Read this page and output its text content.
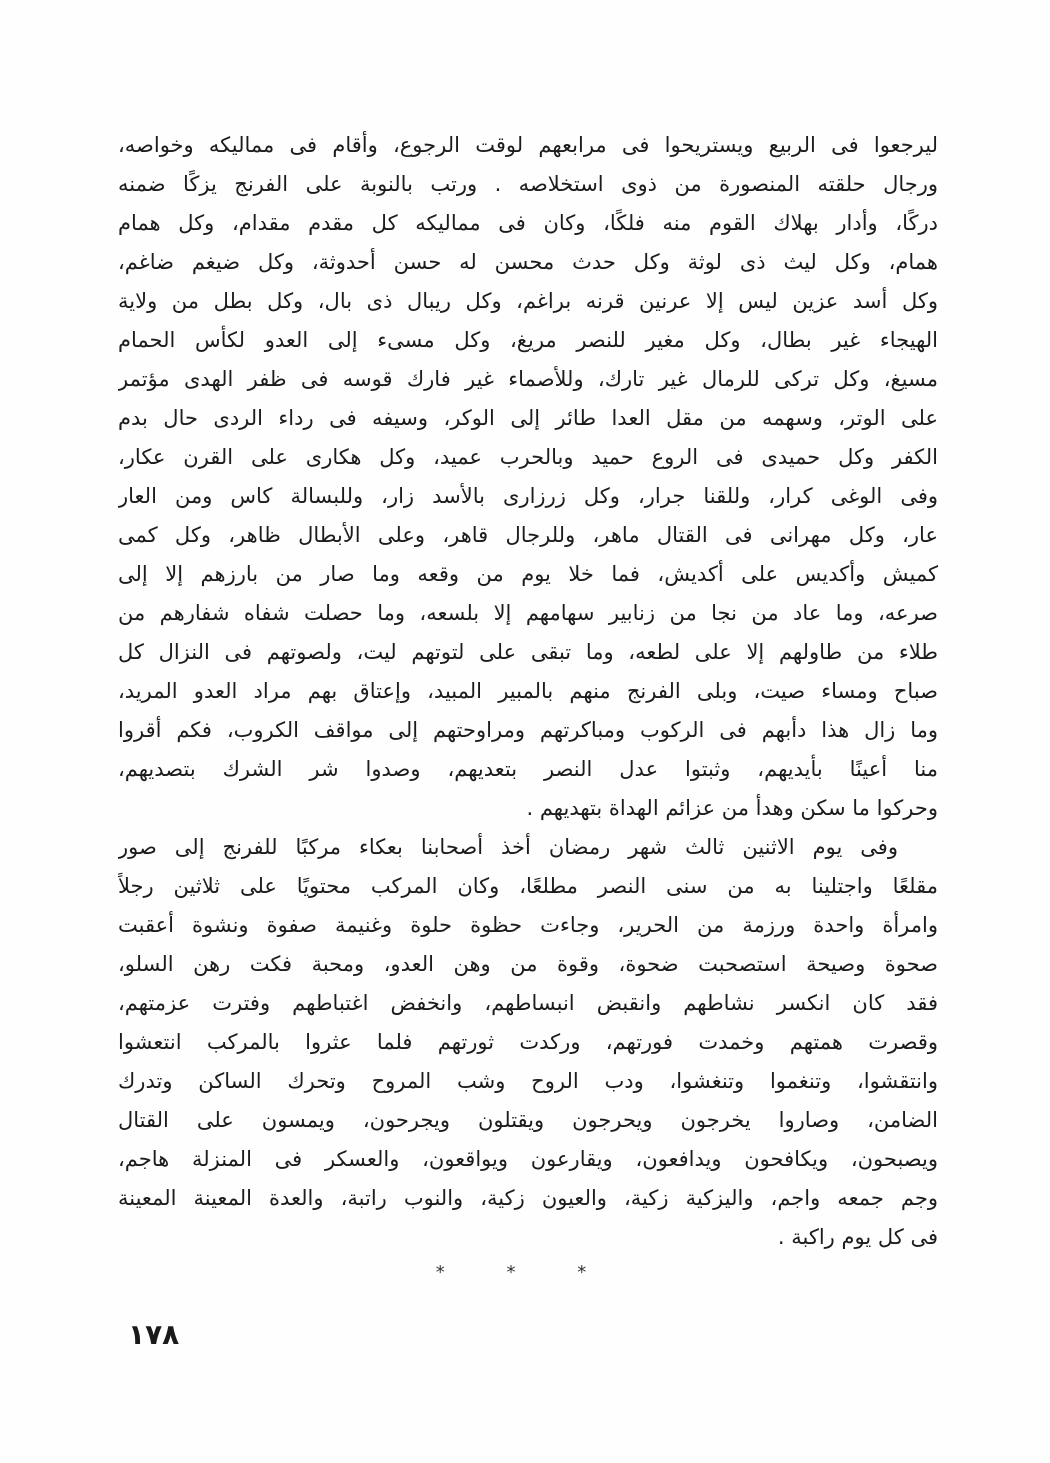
ليرجعوا فى الربيع ويستريحوا فى مرابعهم لوقت الرجوع، وأقام فى مماليكه وخواصه،
ورجال حلقته المنصورة من ذوى استخلاصه . ورتب بالنوبة على الفرنج يزكًا ضمنه
دركًا، وأدار بهلاك القوم منه فلكًا، وكان فى مماليكه كل مقدم مقدام، وكل همام
همام، وكل ليث ذى لوثة وكل حدث محسن له حسن أحدوثة، وكل ضيغم ضاغم،
وكل أسد عزين ليس إلا عرنين قرنه براغم، وكل ريبال ذى بال، وكل بطل من ولاية
الهيجاء غير بطال، وكل مغير للنصر مريغ، وكل مسىء إلى العدو لكأس الحمام
مسيغ، وكل تركى للرمال غير تارك، وللأصماء غير فارك قوسه فى ظفر الهدى مؤتمر
على الوتر، وسهمه من مقل العدا طائر إلى الوكر، وسيفه فى رداء الردى حال بدم
الكفر وكل حميدى فى الروع حميد وبالحرب عميد، وكل هكارى على القرن عكار،
وفى الوغى كرار، وللقنا جرار، وكل زرزارى بالأسد زار، وللبسالة كاس ومن العار
عار، وكل مهرانى فى القتال ماهر، وللرجال قاهر، وعلى الأبطال ظاهر، وكل كمى
كميش وأكديس على أكديش، فما خلا يوم من وقعه وما صار من بارزهم إلا إلى
صرعه، وما عاد من نجا من زنابير سهامهم إلا بلسعه، وما حصلت شفاه شفارهم من
طلاء من طاولهم إلا على لطعه، وما تبقى على لتوتهم ليت، ولصوتهم فى النزال كل
صباح ومساء صيت، وبلى الفرنج منهم بالمبير المبيد، وإعتاق بهم مراد العدو المريد،
وما زال هذا دأبهم فى الركوب ومباكرتهم ومراوحتهم إلى مواقف الكروب، فكم أقروا
منا أعينًا بأيديهم، وثبتوا عدل النصر بتعديهم، وصدوا شر الشرك بتصديهم،
وحركوا ما سكن وهدأ من عزائم الهداة بتهديهم .
وفى يوم الاثنين ثالث شهر رمضان أخذ أصحابنا بعكاء مركبًا للفرنج إلى صور
مقلعًا واجتلينا به من سنى النصر مطلعًا، وكان المركب محتويًا على ثلاثين رجلاً
وامرأة واحدة ورزمة من الحرير، وجاءت حظوة حلوة وغنيمة صفوة ونشوة أعقبت
صحوة وصيحة استصحبت ضحوة، وقوة من وهن العدو، ومحبة فكت رهن السلو،
فقد كان انكسر نشاطهم وانقبض انبساطهم، وانخفض اغتباطهم وفترت عزمتهم،
وقصرت همتهم وخمدت فورتهم، وركدت ثورتهم فلما عثروا بالمركب انتعشوا
وانتقشوا، وتنغموا وتنغشوا، ودب الروح وشب المروح وتحرك الساكن وتدرك
الضامن، وصاروا يخرجون ويحرجون ويقتلون ويجرحون، ويمسون على القتال
ويصبحون، ويكافحون ويدافعون، ويقارعون ويواقعون، والعسكر فى المنزلة هاجم،
وجم جمعه واجم، واليزكية زكية، والعيون زكية، والنوب راتبة، والعدة المعينة المعينة
فى كل يوم راكبة .
* * *
١٧٨
